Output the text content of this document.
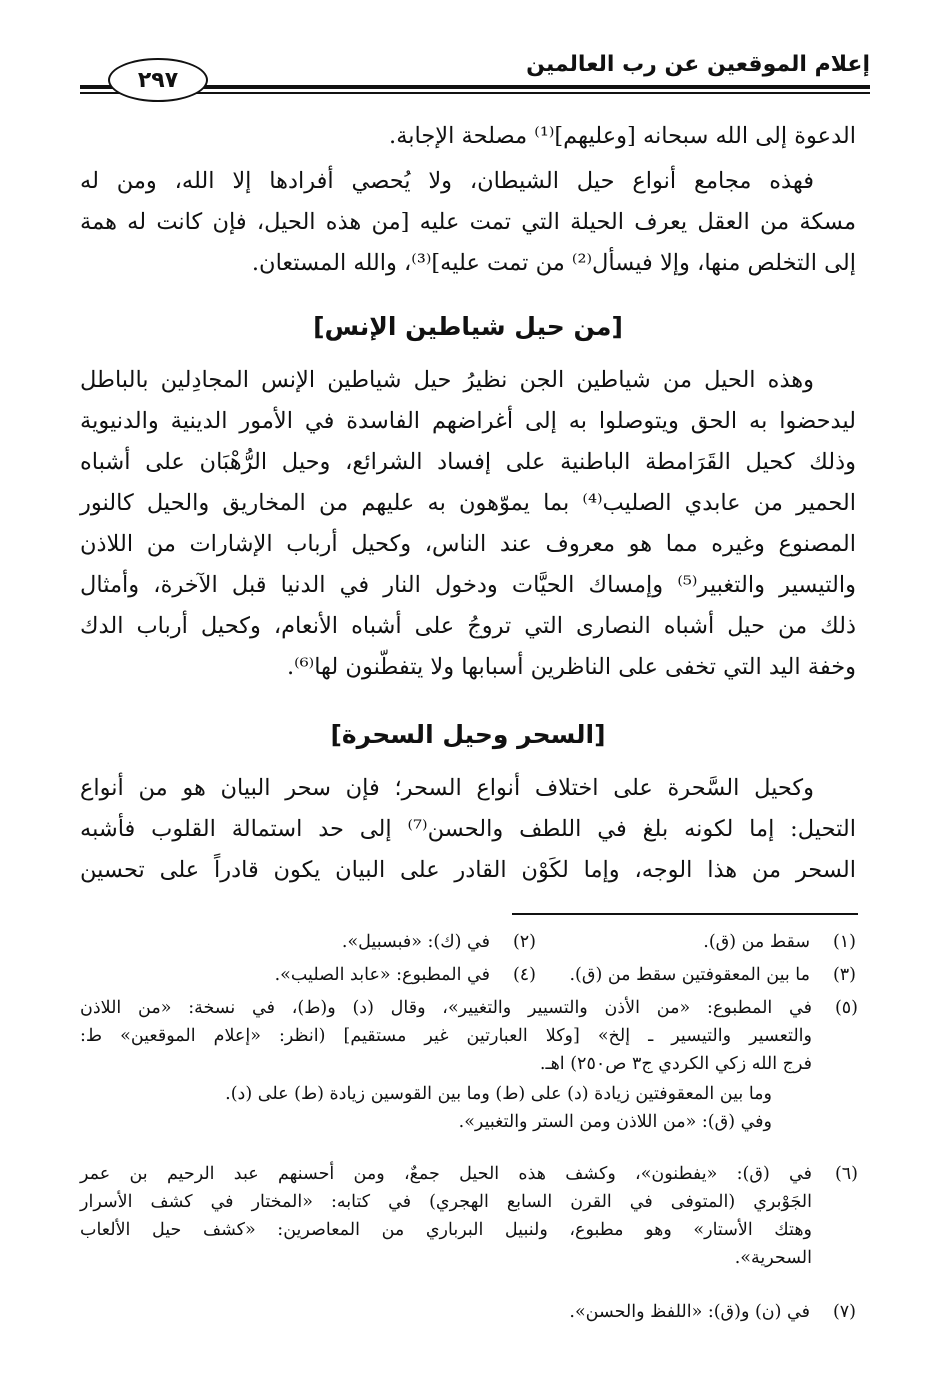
إعلام الموقعين عن رب العالمين
٢٩٧
الدعوة إلى الله سبحانه [وعليهم]⁽¹⁾ مصلحة الإجابة.
فهذه مجامع أنواع حيل الشيطان، ولا يُحصي أفرادها إلا الله، ومن له
مسكة من العقل يعرف الحيلة التي تمت عليه [من هذه الحيل، فإن كانت له همة
إلى التخلص منها، وإلا فيسأل⁽²⁾ من تمت عليه]⁽³⁾، والله المستعان.
[من حيل شياطين الإنس]
وهذه الحيل من شياطين الجن نظيرُ حيل شياطين الإنس المجادِلين بالباطل
ليدحضوا به الحق ويتوصلوا به إلى أغراضهم الفاسدة في الأمور الدينية والدنيوية
وذلك كحيل القَرَامطة الباطنية على إفساد الشرائع، وحيل الرُّهْبَان على أشباه
الحمير من عابدي الصليب⁽⁴⁾ بما يموّهون به عليهم من المخاريق والحيل كالنور
المصنوع وغيره مما هو معروف عند الناس، وكحيل أرباب الإشارات من اللاذن
والتيسير والتغبير⁽⁵⁾ وإمساك الحيَّات ودخول النار في الدنيا قبل الآخرة، وأمثال
ذلك من حيل أشباه النصارى التي تروجُ على أشباه الأنعام، وكحيل أرباب الدك
وخفة اليد التي تخفى على الناظرين أسبابها ولا يتفطّنون لها⁽⁶⁾.
[السحر وحيل السحرة]
وكحيل السَّحرة على اختلاف أنواع السحر؛ فإن سحر البيان هو من أنواع
التحيل: إما لكونه بلغ في اللطف والحسن⁽⁷⁾ إلى حد استمالة القلوب فأشبه
السحر من هذا الوجه، وإما لكَوْن القادر على البيان يكون قادراً على تحسين
(١)
سقط من (ق).
(٢)
في (ك): «فبسبيل».
(٣)
ما بين المعقوفتين سقط من (ق).
(٤)
في المطبوع: «عابد الصليب».
(٥)
في المطبوع: «من الأذن والتسيير والتغيير»، وقال (د) و(ط)، في نسخة: «من اللاذن
والتعسير والتيسير ـ إلخ» [وكلا العبارتين غير مستقيم] (انظر: «إعلام الموقعين» ط:
فرج الله زكي الكردي ج٣ ص٢٥٠) اهـ.
وما بين المعقوفتين زيادة (د) على (ط) وما بين القوسين زيادة (ط) على (د).
وفي (ق): «من اللاذن ومن الستر والتغبير».
(٦)
في (ق): «يفطنون»، وكشف هذه الحيل جمعٌ، ومن أحسنهم عبد الرحيم بن عمر
الجَوْبري (المتوفى في القرن السابع الهجري) في كتابه: «المختار في كشف الأسرار
وهتك الأستار» وهو مطبوع، ولنبيل البرباري من المعاصرين: «كشف حيل الألعاب
السحرية».
(٧)
في (ن) و(ق): «اللفظ والحسن».
